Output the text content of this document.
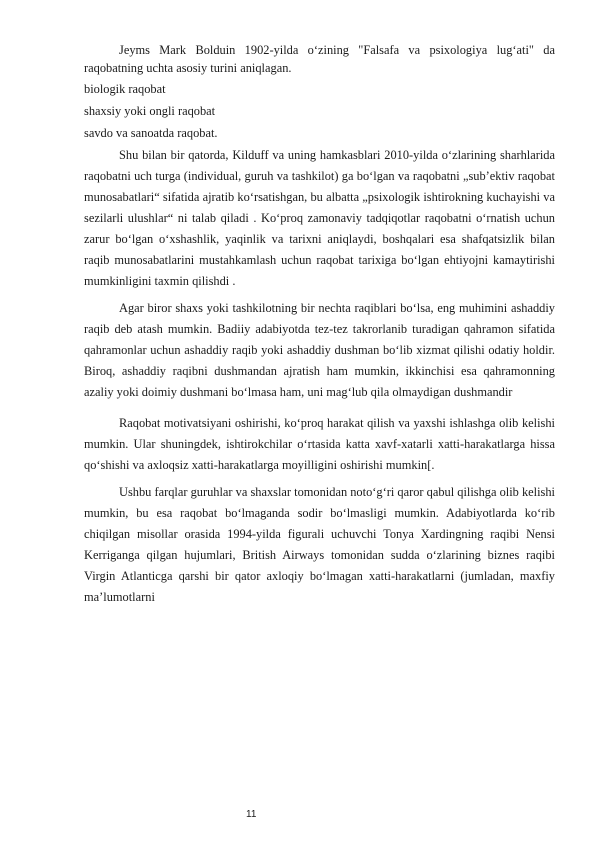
Jeyms Mark Bolduin 1902-yilda o‘zining "Falsafa va psixologiya lug‘ati" da raqobatning uchta asosiy turini aniqlagan.

biologik raqobat

shaxsiy yoki ongli raqobat

savdo va sanoatda raqobat.

Shu bilan bir qatorda, Kilduff va uning hamkasblari 2010-yilda o‘zlarining sharhlarida raqobatni uch turga (individual, guruh va tashkilot) ga bo‘lgan va raqobatni „sub’ektiv raqobat munosabatlari“ sifatida ajratib ko‘rsatishgan, bu albatta „psixologik ishtirokning kuchayishi va sezilarli ulushlar“ ni talab qiladi . Ko‘proq zamonaviy tadqiqotlar raqobatni o‘rnatish uchun zarur bo‘lgan o‘xshashlik, yaqinlik va tarixni aniqlaydi, boshqalari esa shafqatsizlik bilan raqib munosabatlarini mustahkamlash uchun raqobat tarixiga bo‘lgan ehtiyojni kamaytirishi mumkinligini taxmin qilishdi .

Agar biror shaxs yoki tashkilotning bir nechta raqiblari bo‘lsa, eng muhimini ashaddiy raqib deb atash mumkin. Badiiy adabiyotda tez-tez takrorlanib turadigan qahramon sifatida qahramonlar uchun ashaddiy raqib yoki ashaddiy dushman bo‘lib xizmat qilishi odatiy holdir. Biroq, ashaddiy raqibni dushmandan ajratish ham mumkin, ikkinchisi esa qahramonning azaliy yoki doimiy dushmani bo‘lmasa ham, uni mag‘lub qila olmaydigan dushmandir

Raqobat motivatsiyani oshirishi, ko‘proq harakat qilish va yaxshi ishlashga olib kelishi mumkin. Ular shuningdek, ishtirokchilar o‘rtasida katta xavf-xatarli xatti-harakatlarga hissa qo‘shishi va axloqsiz xatti-harakatlarga moyilligini oshirishi mumkin[.

Ushbu farqlar guruhlar va shaxslar tomonidan noto‘g‘ri qaror qabul qilishga olib kelishi mumkin, bu esa raqobat bo‘lmaganda sodir bo‘lmasligi mumkin. Adabiyotlarda ko‘rib chiqilgan misollar orasida 1994-yilda figurali uchuvchi Tonya Xardingning raqibi Nensi Kerriganga qilgan hujumlari, British Airways tomonidan sudda o‘zlarining biznes raqibi Virgin Atlanticga qarshi bir qator axloqiy bo‘lmagan xatti-harakatlarni (jumladan, maxfiy ma’lumotlarni

11
